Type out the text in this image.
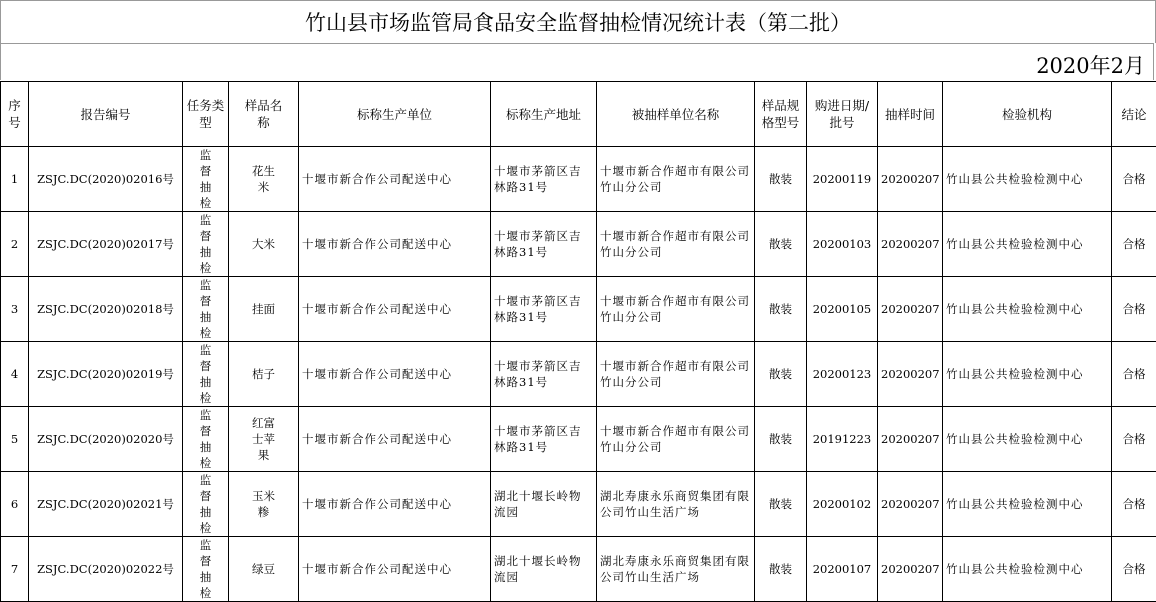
竹山县市场监管局食品安全监督抽检情况统计表（第二批）
2020年2月
序号	报告编号	任务类型	样品名称	标称生产单位	标称生产地址	被抽样单位名称	样品规格型号	购进日期/批号	抽样时间	检验机构	结论
1	ZSJC.DC(2020)02016号	监督抽检	花生米	十堰市新合作公司配送中心	十堰市茅箭区吉林路31号	十堰市新合作超市有限公司竹山分公司	散装	20200119	20200207	竹山县公共检验检测中心	合格
2	ZSJC.DC(2020)02017号	监督抽检	大米	十堰市新合作公司配送中心	十堰市茅箭区吉林路31号	十堰市新合作超市有限公司竹山分公司	散装	20200103	20200207	竹山县公共检验检测中心	合格
3	ZSJC.DC(2020)02018号	监督抽检	挂面	十堰市新合作公司配送中心	十堰市茅箭区吉林路31号	十堰市新合作超市有限公司竹山分公司	散装	20200105	20200207	竹山县公共检验检测中心	合格
4	ZSJC.DC(2020)02019号	监督抽检	桔子	十堰市新合作公司配送中心	十堰市茅箭区吉林路31号	十堰市新合作超市有限公司竹山分公司	散装	20200123	20200207	竹山县公共检验检测中心	合格
5	ZSJC.DC(2020)02020号	监督抽检	红富士苹果	十堰市新合作公司配送中心	十堰市茅箭区吉林路31号	十堰市新合作超市有限公司竹山分公司	散装	20191223	20200207	竹山县公共检验检测中心	合格
6	ZSJC.DC(2020)02021号	监督抽检	玉米糁	十堰市新合作公司配送中心	湖北十堰长岭物流园	湖北寿康永乐商贸集团有限公司竹山生活广场	散装	20200102	20200207	竹山县公共检验检测中心	合格
7	ZSJC.DC(2020)02022号	监督抽检	绿豆	十堰市新合作公司配送中心	湖北十堰长岭物流园	湖北寿康永乐商贸集团有限公司竹山生活广场	散装	20200107	20200207	竹山县公共检验检测中心	合格
